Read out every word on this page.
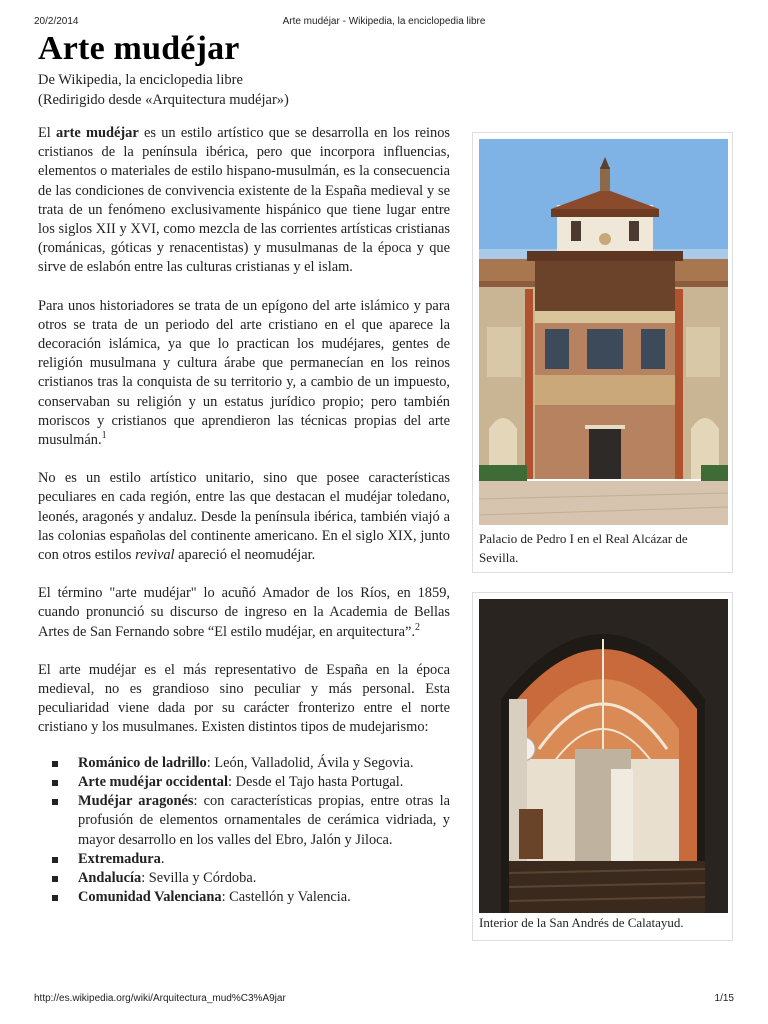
20/2/2014	Arte mudéjar - Wikipedia, la enciclopedia libre
Arte mudéjar
De Wikipedia, la enciclopedia libre
(Redirigido desde «Arquitectura mudéjar»)

El arte mudéjar es un estilo artístico que se desarrolla en los reinos cristianos de la península ibérica, pero que incorpora influencias, elementos o materiales de estilo hispano-musulmán, es la consecuencia de las condiciones de convivencia existente de la España medieval y se trata de un fenómeno exclusivamente hispánico que tiene lugar entre los siglos XII y XVI, como mezcla de las corrientes artísticas cristianas (románicas, góticas y renacentistas) y musulmanas de la época y que sirve de eslabón entre las culturas cristianas y el islam.

Para unos historiadores se trata de un epígono del arte islámico y para otros se trata de un periodo del arte cristiano en el que aparece la decoración islámica, ya que lo practican los mudéjares, gentes de religión musulmana y cultura árabe que permanecían en los reinos cristianos tras la conquista de su territorio y, a cambio de un impuesto, conservaban su religión y un estatus jurídico propio; pero también moriscos y cristianos que aprendieron las técnicas propias del arte musulmán.$^1$

No es un estilo artístico unitario, sino que posee características peculiares en cada región, entre las que destacan el mudéjar toledano, leonés, aragonés y andaluz. Desde la península ibérica, también viajó a las colonias españolas del continente americano. En el siglo XIX, junto con otros estilos revival apareció el neomudéjar.

El término "arte mudéjar" lo acuñó Amador de los Ríos, en 1859, cuando pronunció su discurso de ingreso en la Academia de Bellas Artes de San Fernando sobre “El estilo mudéjar, en arquitectura”.$^2$

El arte mudéjar es el más representativo de España en la época medieval, no es grandioso sino peculiar y más personal. Esta peculiaridad viene dada por su carácter fronterizo entre el norte cristiano y los musulmanes. Existen distintos tipos de mudejarismo:

Románico de ladrillo: León, Valladolid, Ávila y Segovia.
Arte mudéjar occidental: Desde el Tajo hasta Portugal.
Mudéjar aragonés: con características propias, entre otras la profusión de elementos ornamentales de cerámica vidriada, y mayor desarrollo en los valles del Ebro, Jalón y Jiloca.
Extremadura.
Andalucía: Sevilla y Córdoba.
Comunidad Valenciana: Castellón y Valencia.
Palacio de Pedro I en el Real Alcázar de Sevilla.
Interior de la San Andrés de Calatayud.
http://es.wikipedia.org/wiki/Arquitectura_mud%C3%A9jar	1/15
